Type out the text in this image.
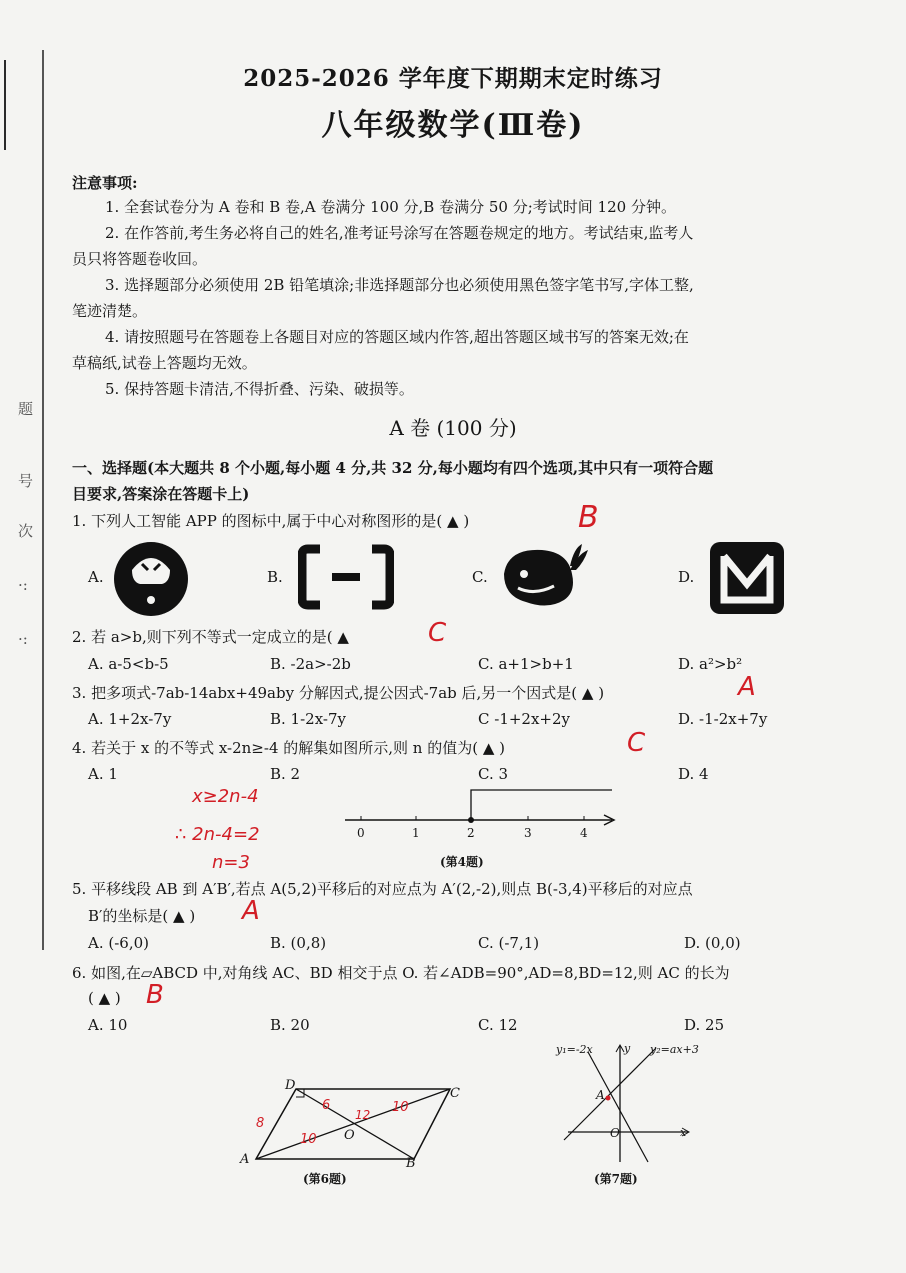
题
号
次
·:
·:
2025-2026 学年度下期期末定时练习
八年级数学(Ⅲ卷)
注意事项:
1. 全套试卷分为 A 卷和 B 卷,A 卷满分 100 分,B 卷满分 50 分;考试时间 120 分钟。
2. 在作答前,考生务必将自己的姓名,准考证号涂写在答题卷规定的地方。考试结束,监考人
员只将答题卷收回。
3. 选择题部分必须使用 2B 铅笔填涂;非选择题部分也必须使用黑色签字笔书写,字体工整,
笔迹清楚。
4. 请按照题号在答题卷上各题目对应的答题区域内作答,超出答题区域书写的答案无效;在
草稿纸,试卷上答题均无效。
5. 保持答题卡清洁,不得折叠、污染、破损等。
A 卷 (100 分)
一、选择题(本大题共 8 个小题,每小题 4 分,共 32 分,每小题均有四个选项,其中只有一项符合题
目要求,答案涂在答题卡上)
1. 下列人工智能 APP 的图标中,属于中心对称图形的是( ▲ )	B
A.	B.	C.	D.
2. 若 a>b,则下列不等式一定成立的是( ▲	C
A. a-5<b-5	B. -2a>-2b	C. a+1>b+1	D. a²>b²
3. 把多项式-7ab-14abx+49aby 分解因式,提公因式-7ab 后,另一个因式是( ▲ )	A
A. 1+2x-7y	B. 1-2x-7y	C -1+2x+2y	D. -1-2x+7y
4. 若关于 x 的不等式 x-2n≥-4 的解集如图所示,则 n 的值为( ▲ )	C
A. 1	B. 2	C. 3	D. 4
x≥2n-4
∴ 2n-4=2
n=3
0	1	2	3	4
(第4题)
5. 平移线段 AB 到 A′B′,若点 A(5,2)平移后的对应点为 A′(2,-2),则点 B(-3,4)平移后的对应点
B′的坐标是( ▲ ) A
A. (-6,0)	B. (0,8)	C. (-7,1)	D. (0,0)
6. 如图,在▱ABCD 中,对角线 AC、BD 相交于点 O. 若∠ADB=90°,AD=8,BD=12,则 AC 的长为
( ▲ ) B
A. 10	B. 20	C. 12	D. 25
A	B
C
D
O
8
6
12 10
10
(第6题)
y₁=-2x	y₂=ax+3
y
x
O
A
(第7题)
